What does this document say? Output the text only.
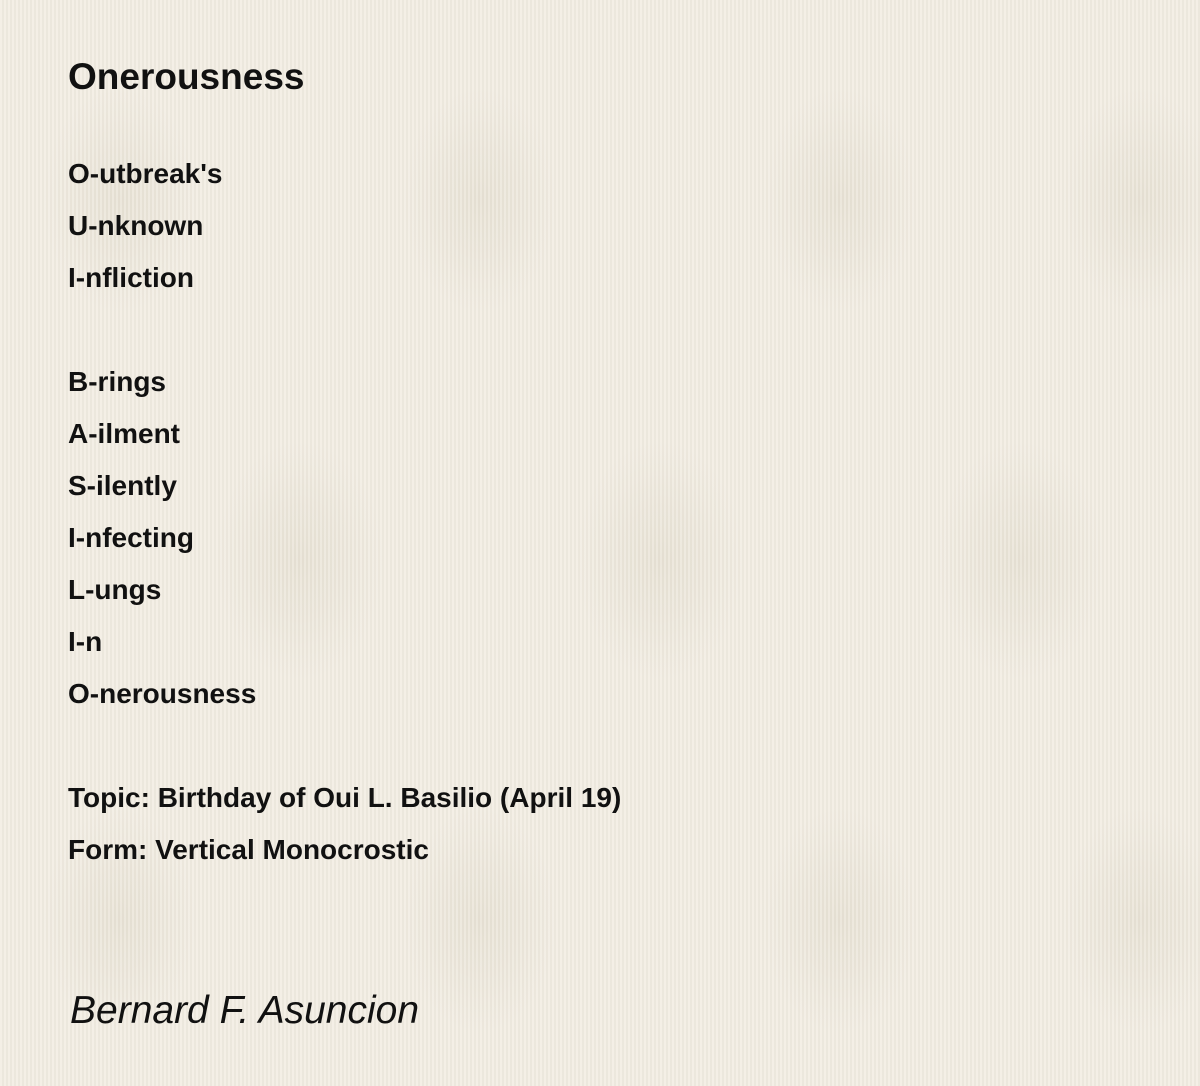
Onerousness
O-utbreak's
U-nknown
I-nfliction
B-rings
A-ilment
S-ilently
I-nfecting
L-ungs
I-n
O-nerousness
Topic: Birthday of Oui L. Basilio (April 19)
Form: Vertical Monocrostic
Bernard F. Asuncion
